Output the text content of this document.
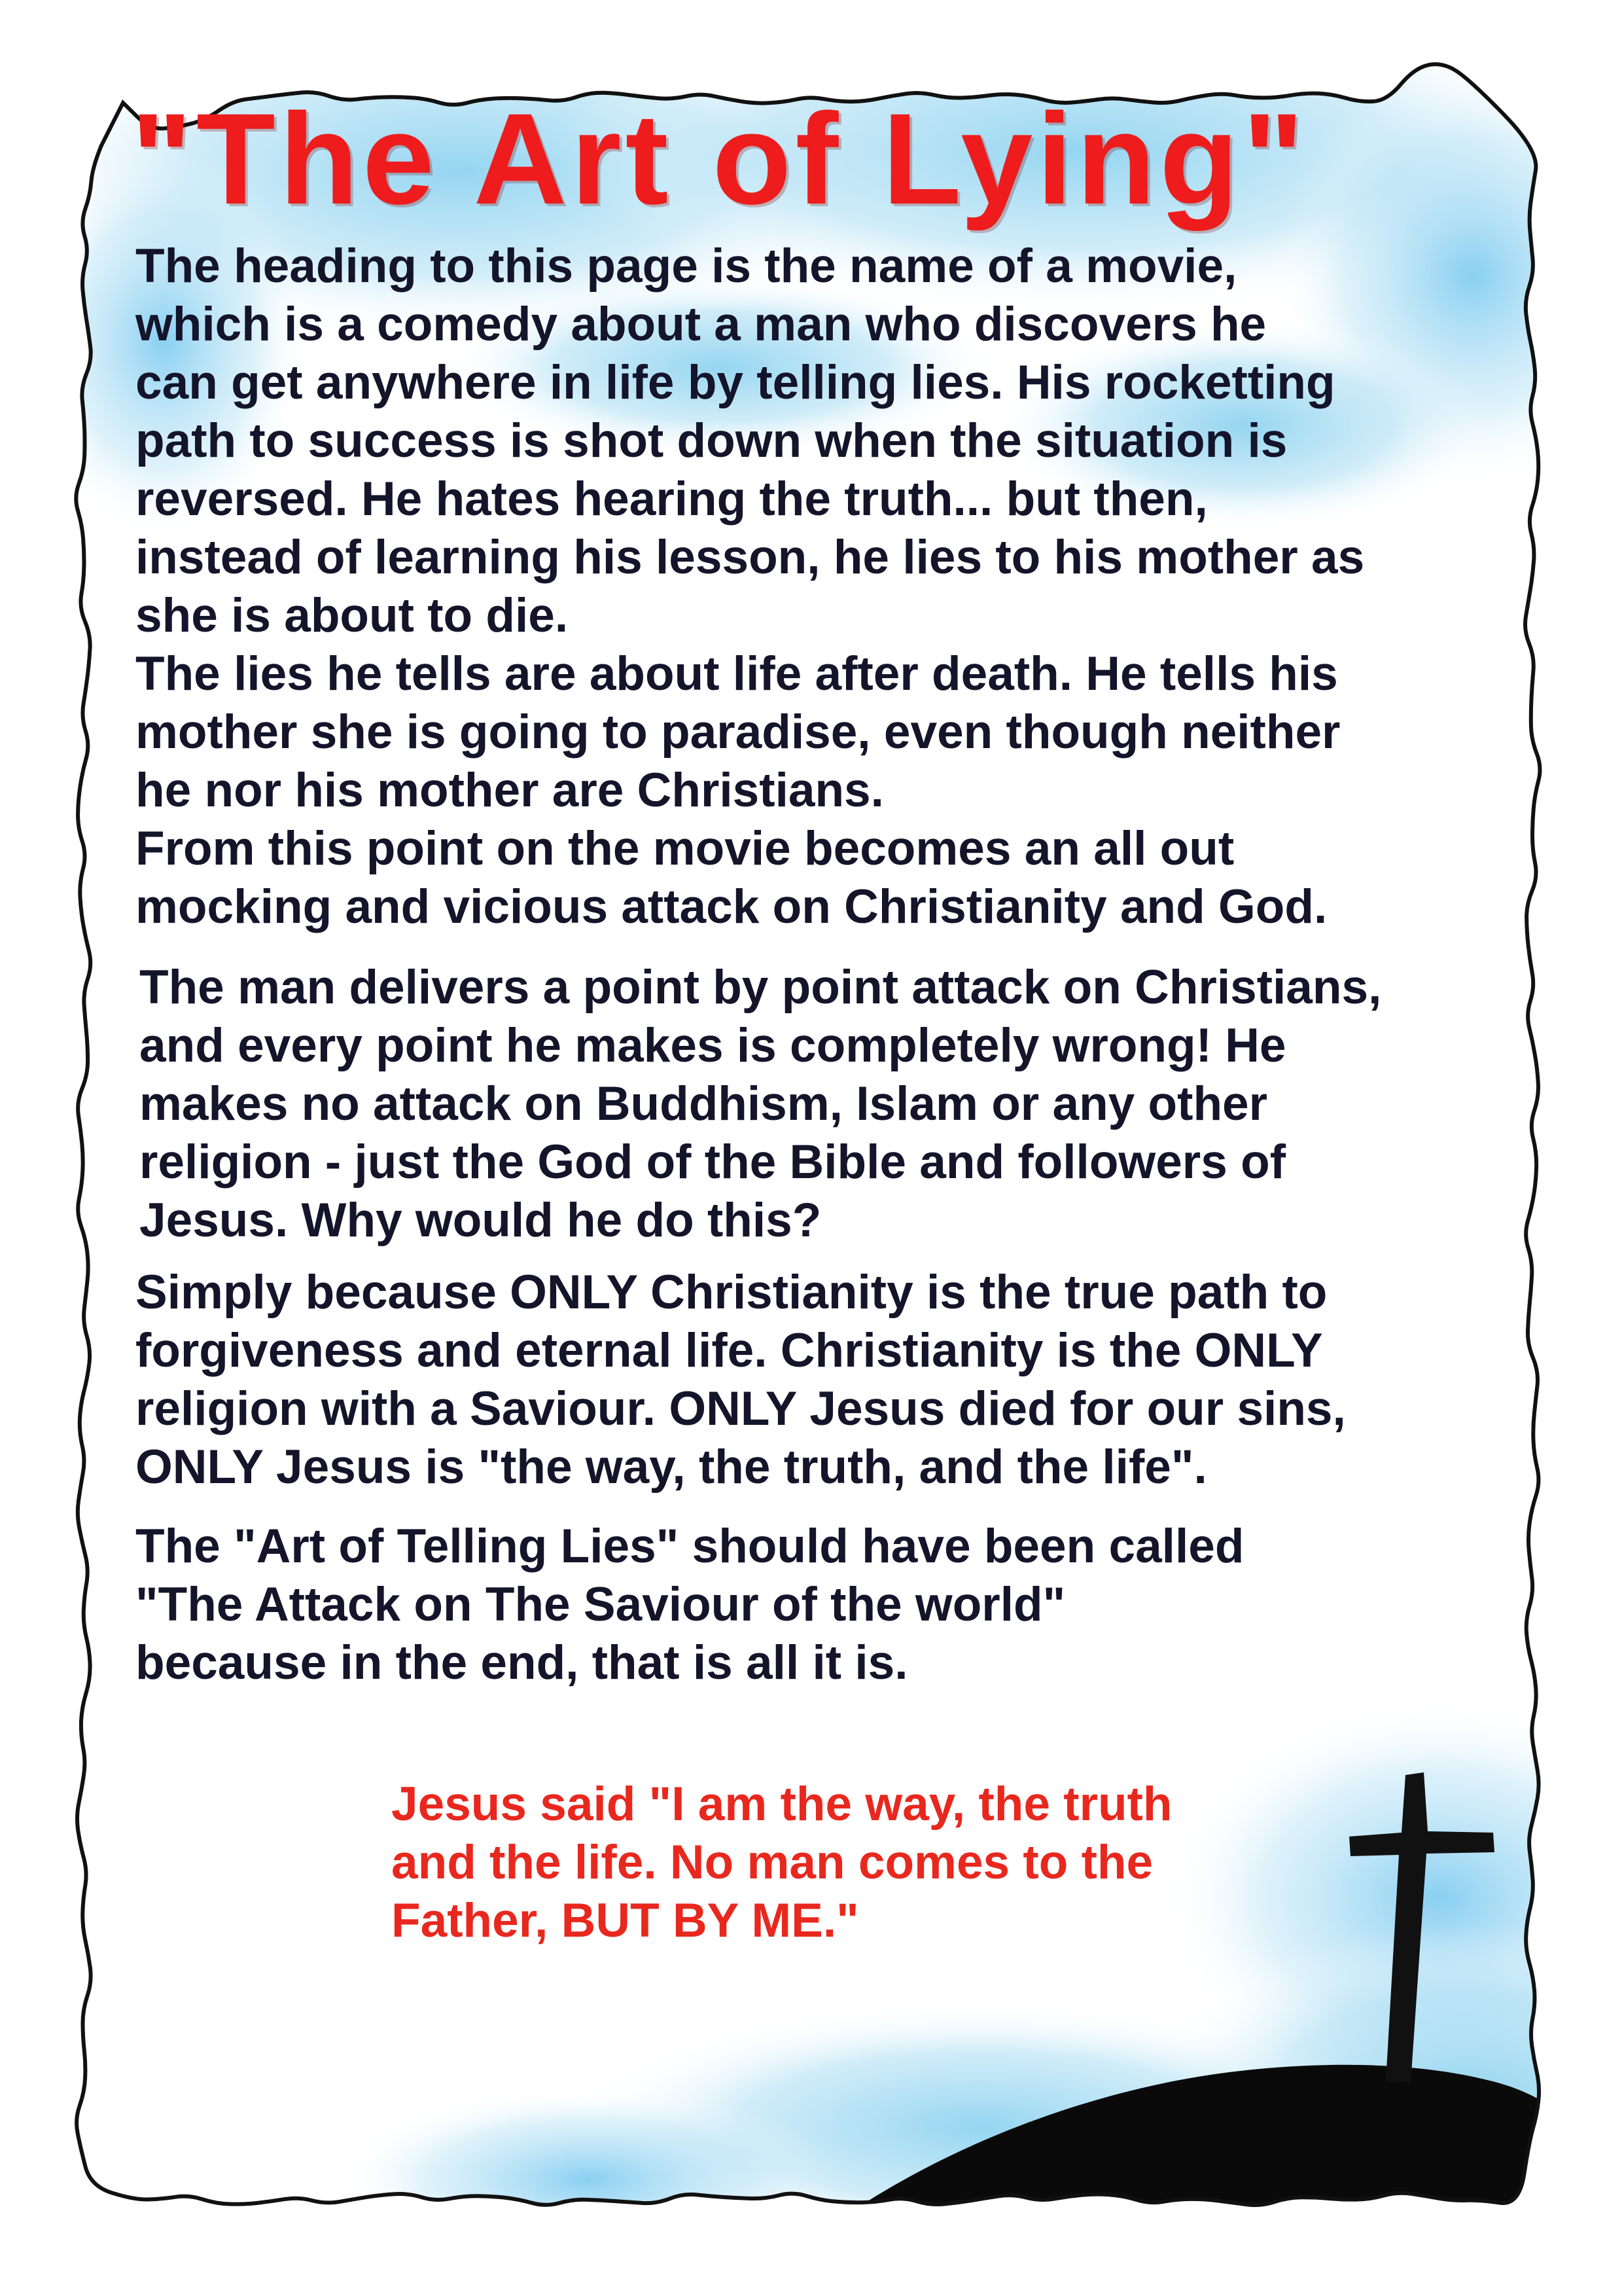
"The Art of Lying"
The heading to this page is the name of a movie,
which is a comedy about a man who discovers he
can get anywhere in life by telling lies. His rocketting
path to success is shot down when the situation is
reversed. He hates hearing the truth... but then,
instead of learning his lesson, he lies to his mother as
she is about to die.
The lies he tells are about life after death. He tells his
mother she is going to paradise, even though neither
he nor his mother are Christians.
From this point on the movie becomes an all out
mocking and vicious attack on Christianity and God.
The man delivers a point by point attack on Christians,
and every point he makes is completely wrong! He
makes no attack on Buddhism, Islam or any other
religion - just the God of the Bible and followers of
Jesus. Why would he do this?
Simply because ONLY Christianity is the true path to
forgiveness and eternal life. Christianity is the ONLY
religion with a Saviour. ONLY Jesus died for our sins,
ONLY Jesus is "the way, the truth, and the life".
The "Art of Telling Lies" should have been called
"The Attack on The Saviour of the world"
because in the end, that is all it is.
Jesus said "I am the way, the truth
and the life. No man comes to the
Father, BUT BY ME."
